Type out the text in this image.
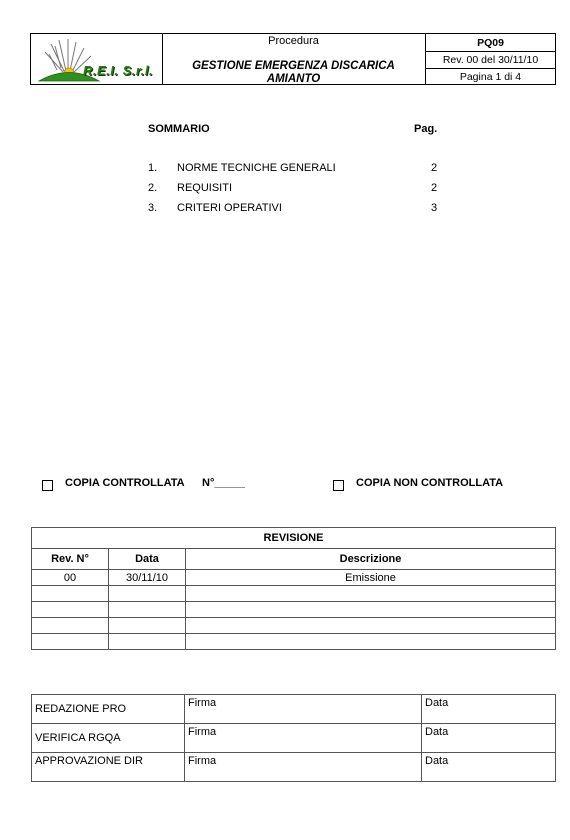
R.E.I. S.r.l.
Procedura
GESTIONE EMERGENZA DISCARICA
AMIANTO
PQ09
Rev. 00 del 30/11/10
Pagina 1 di 4
SOMMARIO	Pag.
1. NORME TECNICHE GENERALI	2
2. REQUISITI	2
3. CRITERI OPERATIVI	3
COPIA CONTROLLATA N°_____	COPIA NON CONTROLLATA
REVISIONE		
Rev. N°	Data	Descrizione
00	30/11/10	Emissione

REDAZIONE PRO	Firma	Data
VERIFICA RGQA	Firma	Data
APPROVAZIONE DIR	Firma	Data
